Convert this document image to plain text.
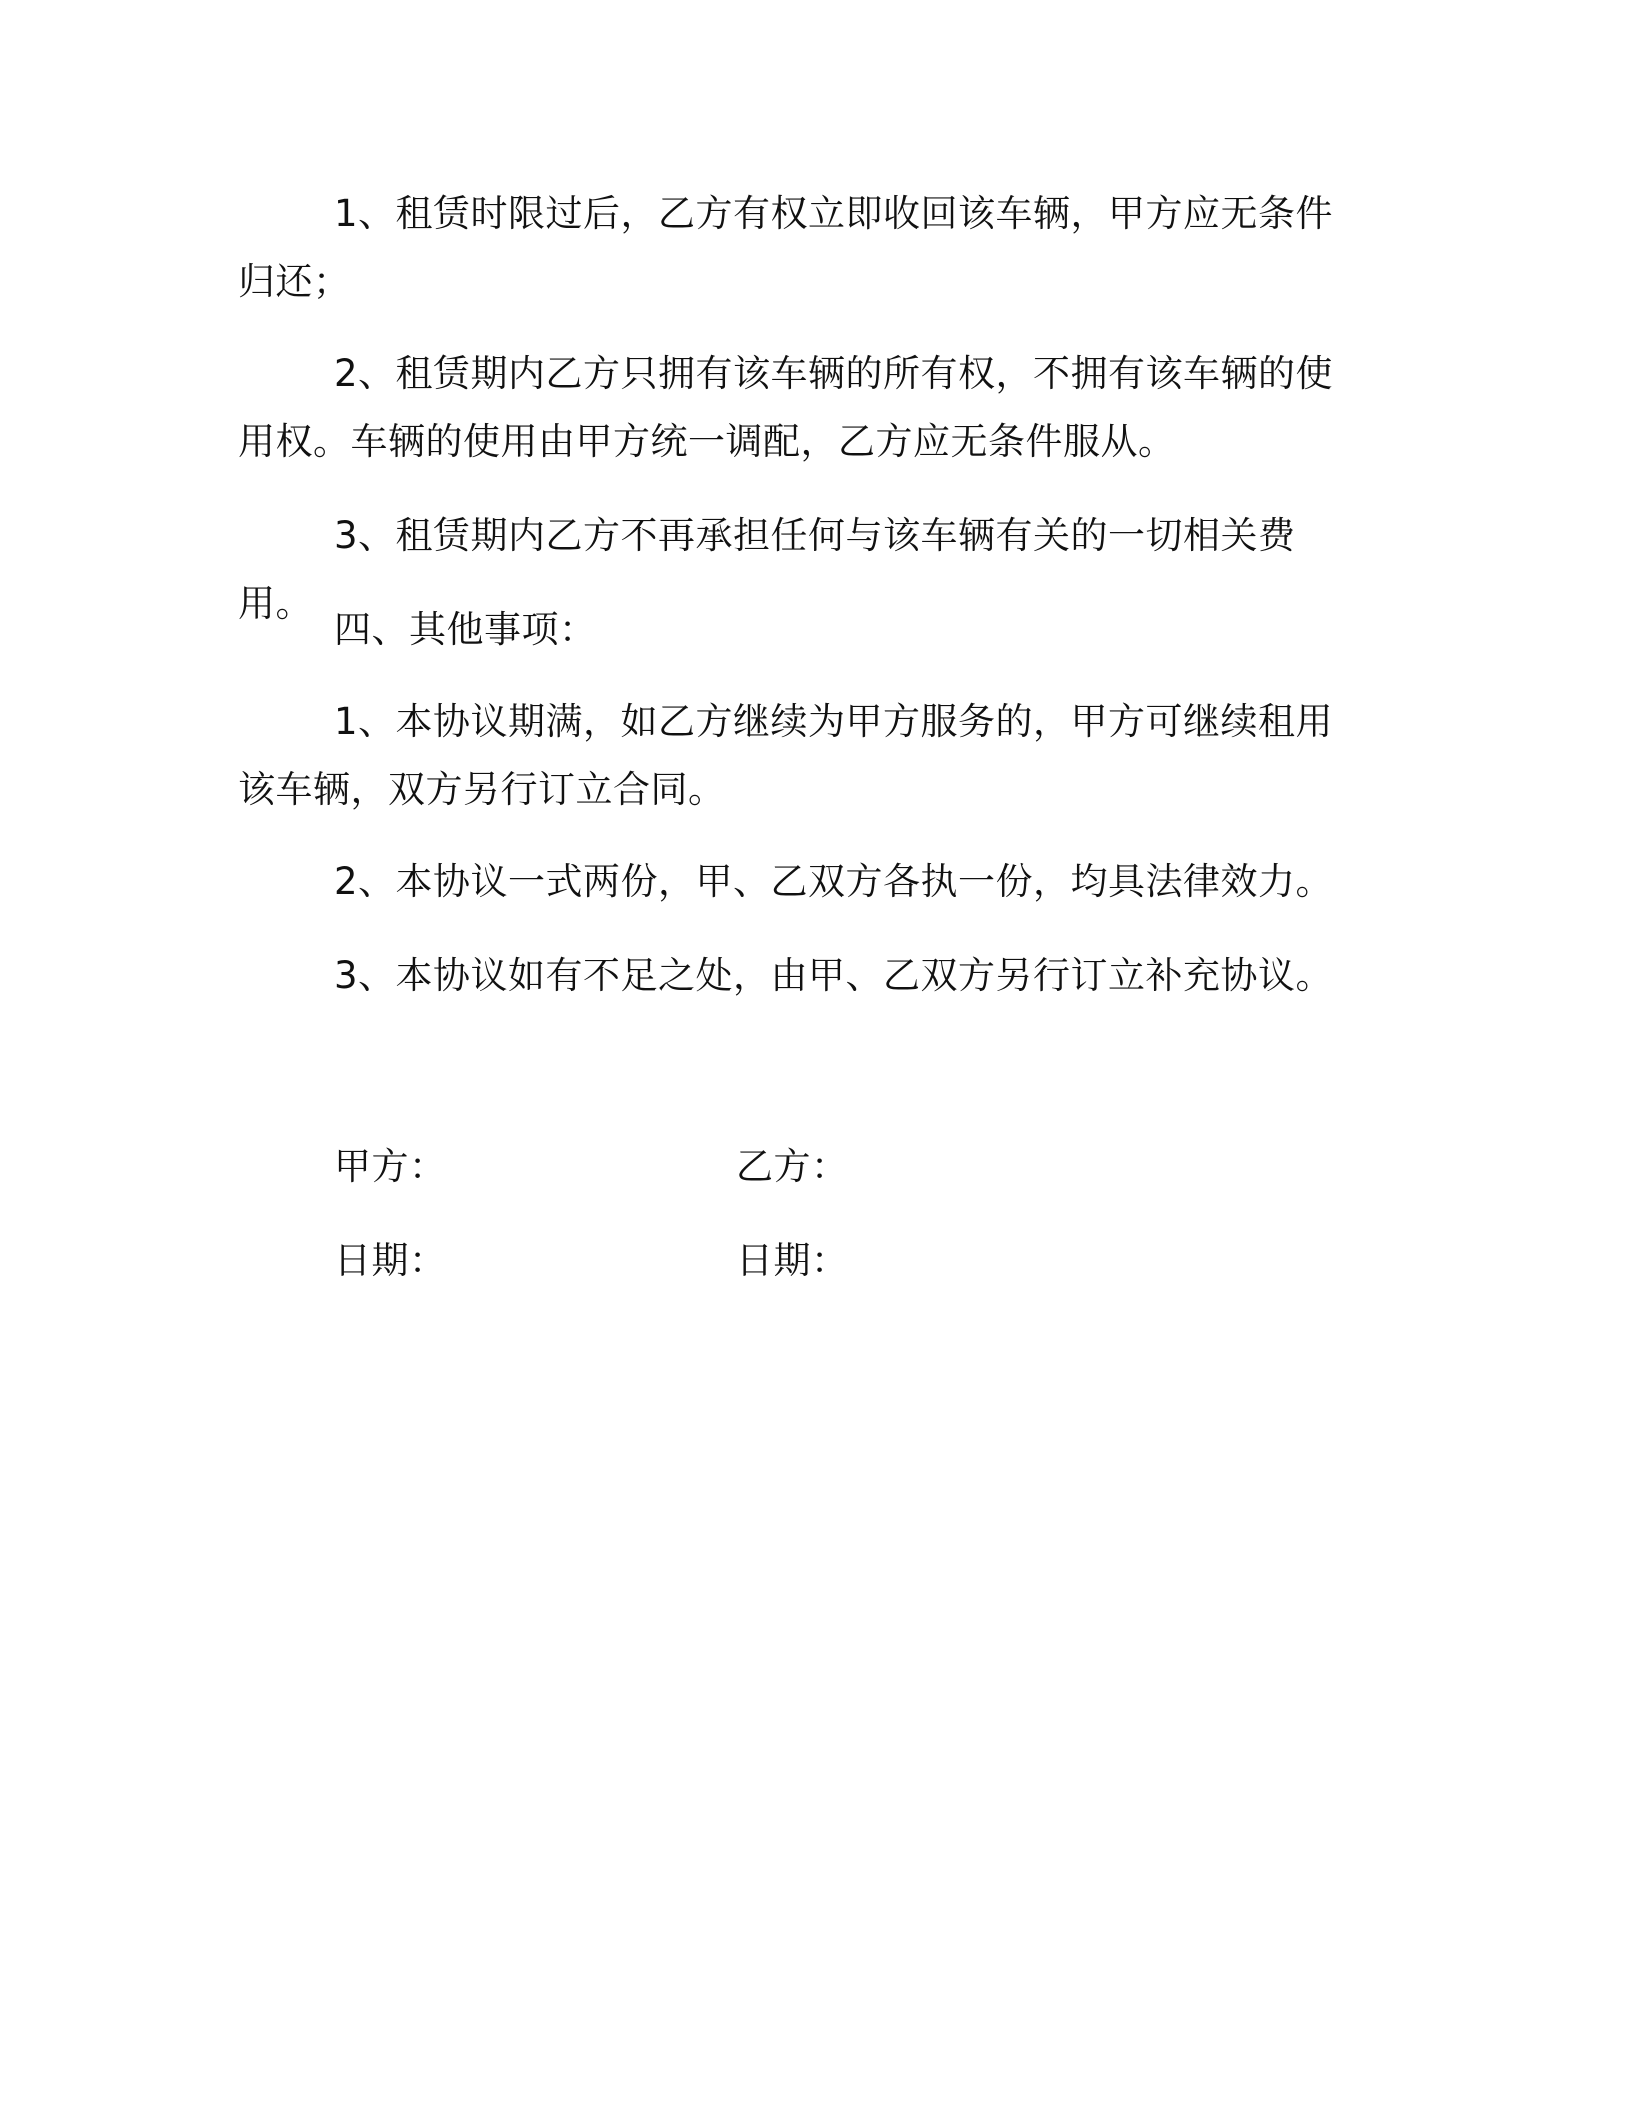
1、租赁时限过后，乙方有权立即收回该车辆，甲方应无条件归还；

2、租赁期内乙方只拥有该车辆的所有权，不拥有该车辆的使用权。车辆的使用由甲方统一调配，乙方应无条件服从。

3、租赁期内乙方不再承担任何与该车辆有关的一切相关费用。

四、其他事项：

1、本协议期满，如乙方继续为甲方服务的，甲方可继续租用该车辆，双方另行订立合同。

2、本协议一式两份，甲、乙双方各执一份，均具法律效力。

3、本协议如有不足之处，由甲、乙双方另行订立补充协议。

甲方：	乙方：

日期：	日期：
